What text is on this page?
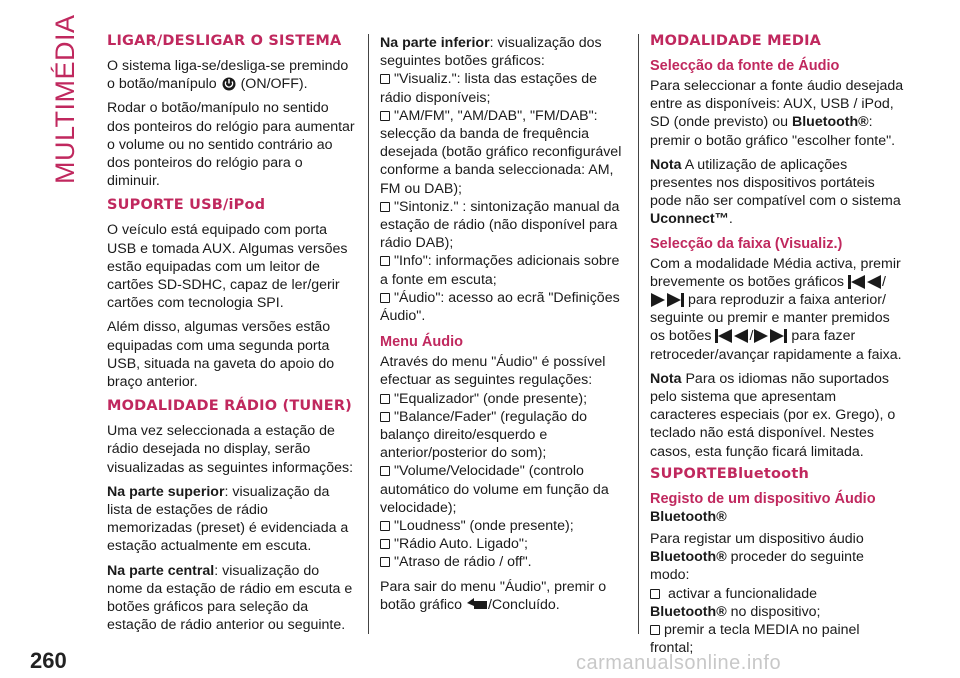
MULTIMÉDIA LIGAR/DESLIGAR O SISTEMA

O sistema liga-se/desliga-se premindo o botão/manípulo (ON/OFF).

Rodar o botão/manípulo no sentido dos ponteiros do relógio para aumentar o volume ou no sentido contrário ao dos ponteiros do relógio para o diminuir.

SUPORTE USB/iPod

O veículo está equipado com porta USB e tomada AUX. Algumas versões estão equipadas com um leitor de cartões SD-SDHC, capaz de ler/gerir cartões com tecnologia SPI.

Além disso, algumas versões estão equipadas com uma segunda porta USB, situada na gaveta do apoio do braço anterior.

MODALIDADE RÁDIO (TUNER)

Uma vez seleccionada a estação de rádio desejada no display, serão visualizadas as seguintes informações:

Na parte superior: visualização da lista de estações de rádio memorizadas (preset) é evidenciada a estação actualmente em escuta.

Na parte central: visualização do nome da estação de rádio em escuta e botões gráficos para seleção da estação de rádio anterior ou seguinte.

Na parte inferior: visualização dos seguintes botões gráficos:
"Visualiz.": lista das estações de rádio disponíveis;
"AM/FM", "AM/DAB", "FM/DAB": selecção da banda de frequência desejada (botão gráfico reconfigurável conforme a banda seleccionada: AM, FM ou DAB);
"Sintoniz." : sintonização manual da estação de rádio (não disponível para rádio DAB);
"Info": informações adicionais sobre a fonte em escuta;
"Áudio": acesso ao ecrã "Definições Áudio".
Menu Áudio
Através do menu "Áudio" é possível efectuar as seguintes regulações:
"Equalizador" (onde presente);
"Balance/Fader" (regulação do balanço direito/esquerdo e anterior/posterior do som);
"Volume/Velocidade" (controlo automático do volume em função da velocidade);
"Loudness" (onde presente);
"Rádio Auto. Ligado";
"Atraso de rádio / off".
Para sair do menu "Áudio", premir o botão gráfico /Concluído.
MODALIDADE MEDIA
Selecção da fonte de Áudio

Para seleccionar a fonte áudio desejada entre as disponíveis: AUX, USB / iPod, SD (onde previsto) ou Bluetooth®: premir o botão gráfico "escolher fonte".

Nota A utilização de aplicações presentes nos dispositivos portáteis pode não ser compatível com o sistema Uconnect™.

Selecção da faixa (Visualiz.)

Com a modalidade Média activa, premir brevemente os botões gráficos	/  para reproduzir a faixa anterior/ seguinte ou premir e manter premidos os botões	/	para fazer retroceder/avançar rapidamente a faixa.

Nota Para os idiomas não suportados pelo sistema que apresentam caracteres especiais (por ex. Grego), o teclado não está disponível. Nestes casos, esta função ficará limitada.

SUPORTEBluetooth
Registo de um dispositivo Áudio
Bluetooth®
Para registar um dispositivo áudio
Bluetooth® proceder do seguinte modo:
activar a funcionalidade
Bluetooth® no dispositivo;
premir a tecla MEDIA no painel frontal;
260	carmanualsonline.info
